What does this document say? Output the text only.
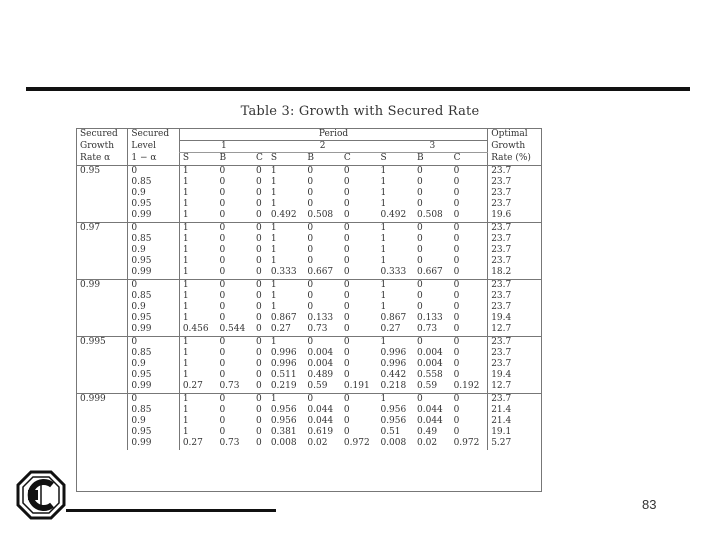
Table 3: Growth with Secured Rate
Secured	Secured	Period									Optimal
Growth	Level	1			2			3			Growth
Rate α	1 − α	S	B	C	S	B	C	S	B	C	Rate (%)
0.95	0	1	0	0	1	0	0	1	0	0	23.7
	0.85	1	0	0	1	0	0	1	0	0	23.7
	0.9	1	0	0	1	0	0	1	0	0	23.7
	0.95	1	0	0	1	0	0	1	0	0	23.7
	0.99	1	0	0	0.492	0.508	0	0.492	0.508	0	19.6
0.97	0	1	0	0	1	0	0	1	0	0	23.7
	0.85	1	0	0	1	0	0	1	0	0	23.7
	0.9	1	0	0	1	0	0	1	0	0	23.7
	0.95	1	0	0	1	0	0	1	0	0	23.7
	0.99	1	0	0	0.333	0.667	0	0.333	0.667	0	18.2
0.99	0	1	0	0	1	0	0	1	0	0	23.7
	0.85	1	0	0	1	0	0	1	0	0	23.7
	0.9	1	0	0	1	0	0	1	0	0	23.7
	0.95	1	0	0	0.867	0.133	0	0.867	0.133	0	19.4
	0.99	0.456	0.544	0	0.27	0.73	0	0.27	0.73	0	12.7
0.995	0	1	0	0	1	0	0	1	0	0	23.7
	0.85	1	0	0	0.996	0.004	0	0.996	0.004	0	23.7
	0.9	1	0	0	0.996	0.004	0	0.996	0.004	0	23.7
	0.95	1	0	0	0.511	0.489	0	0.442	0.558	0	19.4
	0.99	0.27	0.73	0	0.219	0.59	0.191	0.218	0.59	0.192	12.7
0.999	0	1	0	0	1	0	0	1	0	0	23.7
	0.85	1	0	0	0.956	0.044	0	0.956	0.044	0	21.4
	0.9	1	0	0	0.956	0.044	0	0.956	0.044	0	21.4
	0.95	1	0	0	0.381	0.619	0	0.51	0.49	0	19.1
	0.99	0.27	0.73	0	0.008	0.02	0.972	0.008	0.02	0.972	5.27
83
